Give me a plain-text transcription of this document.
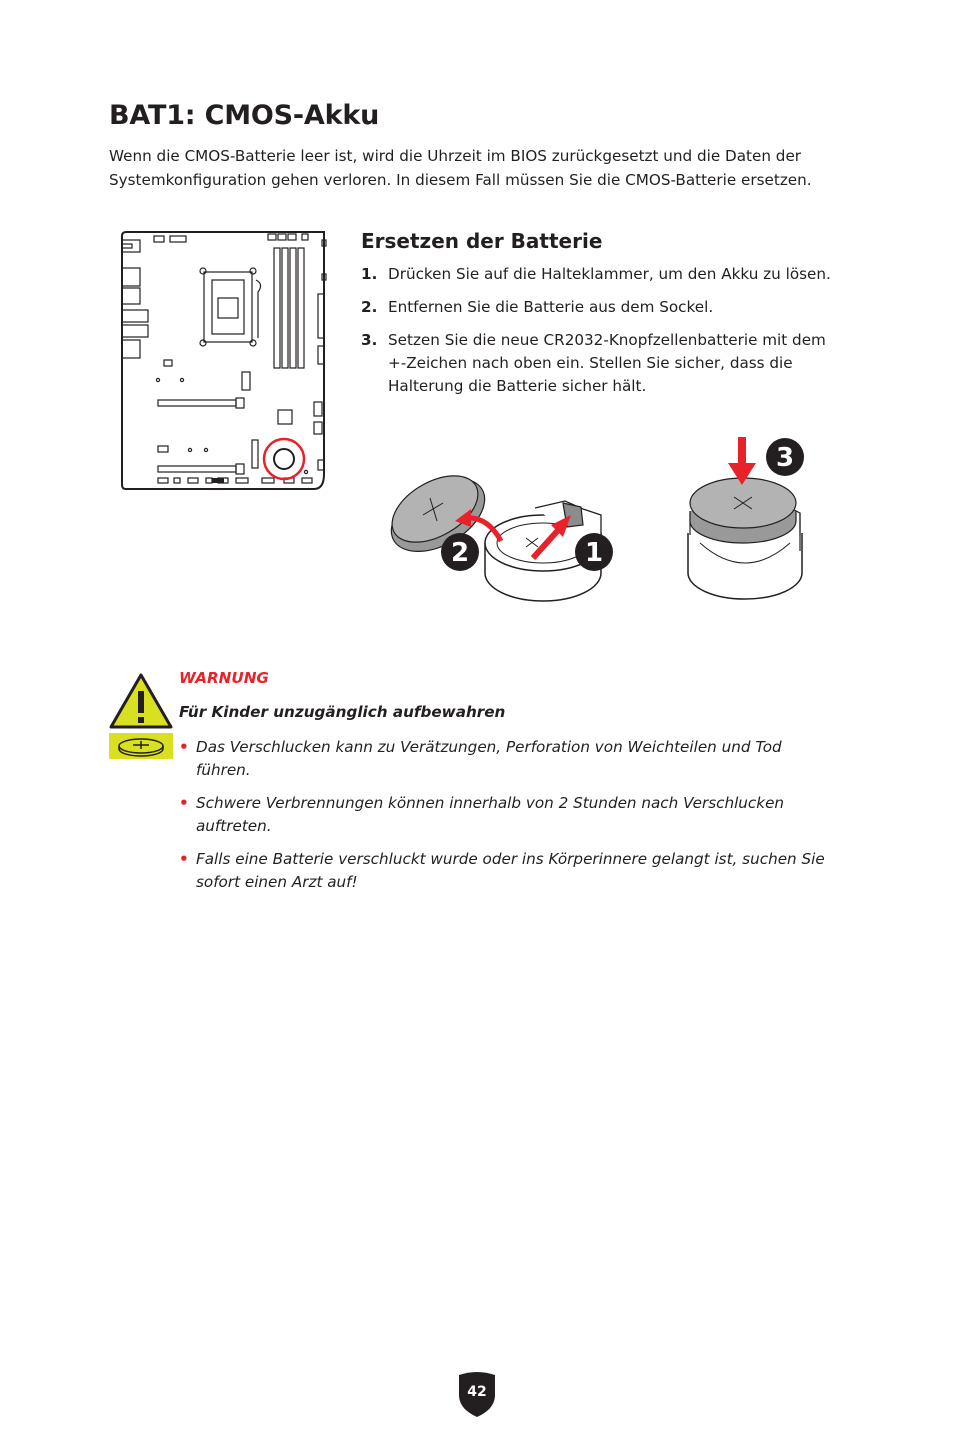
BAT1: CMOS-Akku

Wenn die CMOS-Batterie leer ist, wird die Uhrzeit im BIOS zurückgesetzt und die Daten der Systemkonfiguration gehen verloren. In diesem Fall müssen Sie die CMOS-Batterie ersetzen.

Ersetzen der Batterie
1. Drücken Sie auf die Halteklammer, um den Akku zu lösen.
2. Entfernen Sie die Batterie aus dem Sockel.
3. Setzen Sie die neue CR2032-Knopfzellenbatterie mit dem +-Zeichen nach oben ein. Stellen Sie sicher, dass die Halterung die Batterie sicher hält.
2	1
3

WARNUNG

Für Kinder unzugänglich aufbewahren

• Das Verschlucken kann zu Verätzungen, Perforation von Weichteilen und Tod führen.
• Schwere Verbrennungen können innerhalb von 2 Stunden nach Verschlucken auftreten.
• Falls eine Batterie verschluckt wurde oder ins Körperinnere gelangt ist, suchen Sie sofort einen Arzt auf!
42
